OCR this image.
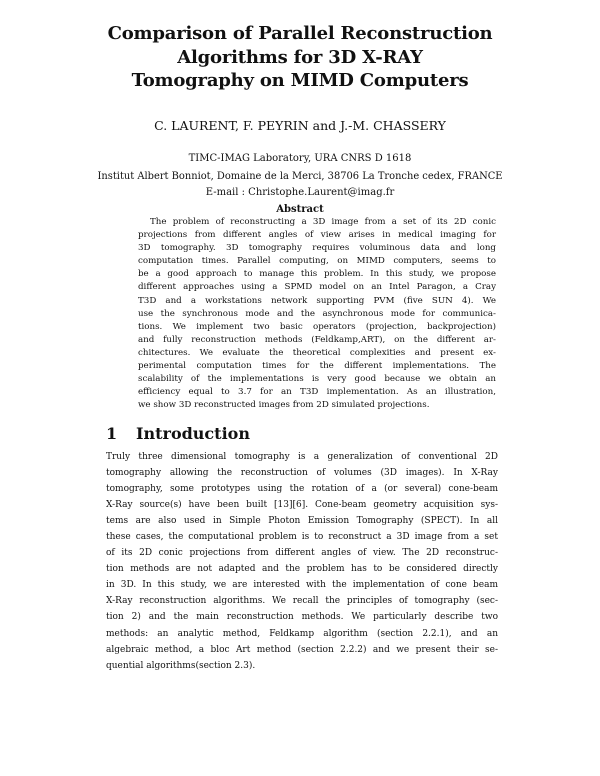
Comparison of Parallel Reconstruction
Algorithms for 3D X-RAY
Tomography on MIMD Computers

C. LAURENT, F. PEYRIN and J.-M. CHASSERY

TIMC-IMAG Laboratory, URA CNRS D 1618

Institut Albert Bonniot, Domaine de la Merci, 38706 La Tronche cedex, FRANCE

E-mail : Christophe.Laurent@imag.fr

Abstract
The problem of reconstructing a 3D image from a set of its 2D conic
projections from different angles of view arises in medical imaging for
3D tomography. 3D tomography requires voluminous data and long
computation times. Parallel computing, on MIMD computers, seems to
be a good approach to manage this problem. In this study, we propose
different approaches using a SPMD model on an Intel Paragon, a Cray
T3D and a workstations network supporting PVM (five SUN 4). We
use the synchronous mode and the asynchronous mode for communica-
tions. We implement two basic operators (projection, backprojection)
and fully reconstruction methods (Feldkamp,ART), on the different ar-
chitectures. We evaluate the theoretical complexities and present ex-
perimental computation times for the different implementations. The
scalability of the implementations is very good because we obtain an
efficiency equal to 3.7 for an T3D implementation. As an illustration,
we show 3D reconstructed images from 2D simulated projections.
1 Introduction
Truly three dimensional tomography is a generalization of conventional 2D
tomography allowing the reconstruction of volumes (3D images). In X-Ray
tomography, some prototypes using the rotation of a (or several) cone-beam
X-Ray source(s) have been built [13][6]. Cone-beam geometry acquisition sys-
tems are also used in Simple Photon Emission Tomography (SPECT). In all
these cases, the computational problem is to reconstruct a 3D image from a set
of its 2D conic projections from different angles of view. The 2D reconstruc-
tion methods are not adapted and the problem has to be considered directly
in 3D. In this study, we are interested with the implementation of cone beam
X-Ray reconstruction algorithms. We recall the principles of tomography (sec-
tion 2) and the main reconstruction methods. We particularly describe two
methods: an analytic method, Feldkamp algorithm (section 2.2.1), and an
algebraic method, a bloc Art method (section 2.2.2) and we present their se-
quential algorithms(section 2.3).
